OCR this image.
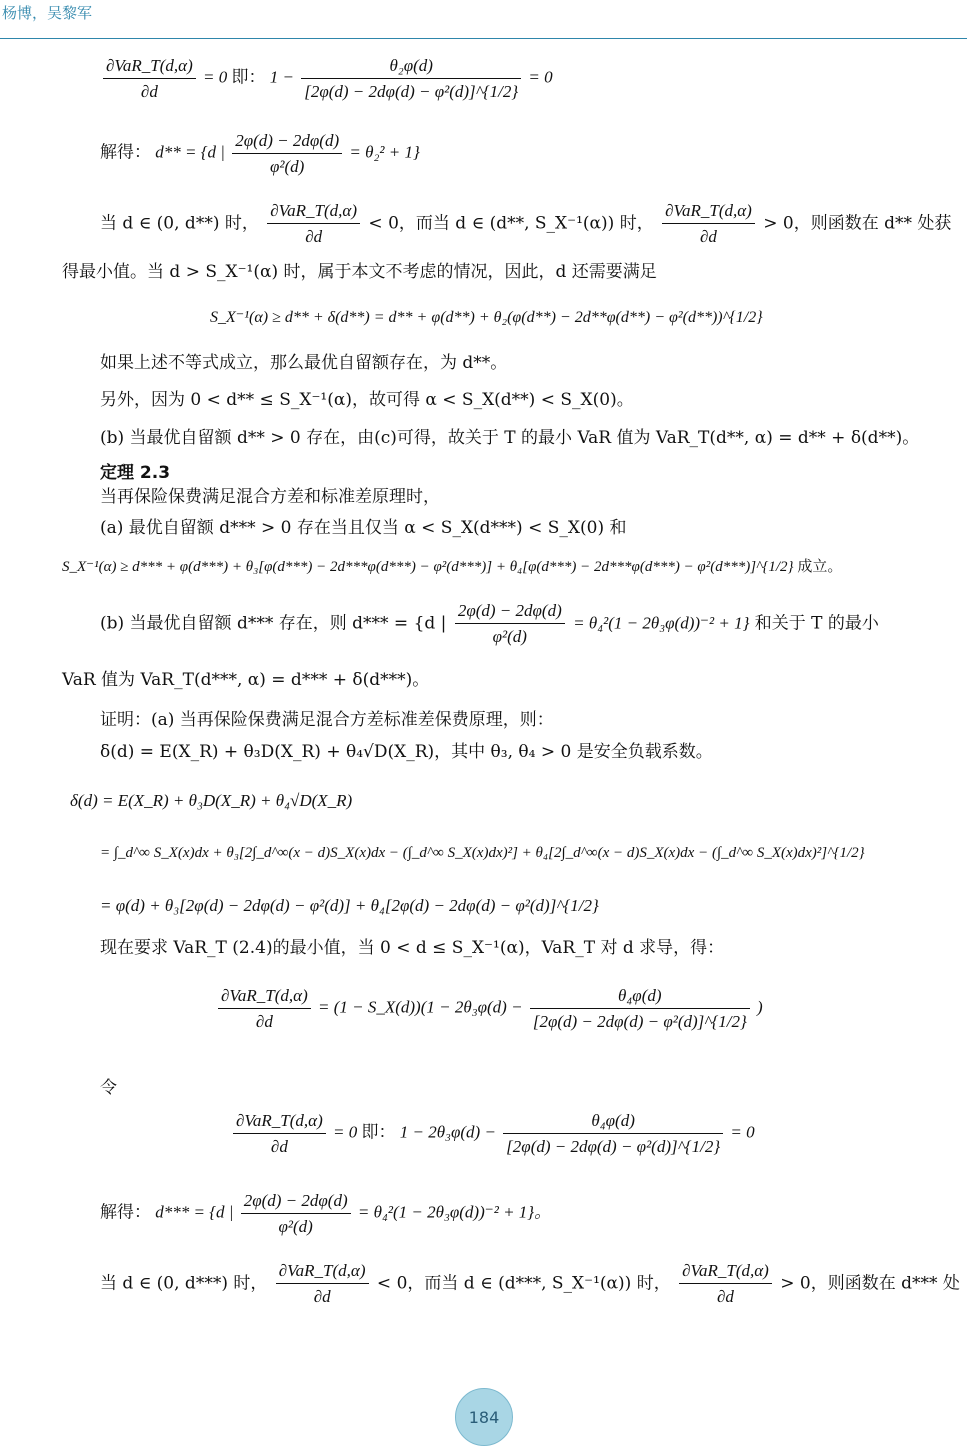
杨博，吴黎军
$\frac{\text{∂VaR\_T(d,α)}}{\partial d} = 0$ 即： $1 - \frac{\text{θ₂φ(d)}}{\text{[2φ(d) − 2dφ(d) − φ²(d)]\textasciicircum{}\{1/2\}}} = 0$
解得： d** = {d | $\frac{2\varphi(d) - 2d\varphi(d)}{\text{φ²(d)}} = \theta_2^2 + 1$}
当 d ∈ (0, d**) 时， $\frac{\text{∂VaR\_T(d,α)}}{\partial d} < 0$，而当 d ∈ (d**, S_X⁻¹(α)) 时， $\frac{\text{∂VaR\_T(d,α)}}{\partial d} > 0$，则函数在 d** 处获
得最小值。当 d > S_X⁻¹(α) 时，属于本文不考虑的情况，因此，d 还需要满足
S_X⁻¹(α) ≥ d** + δ(d**) = d** + φ(d**) + θ₂(φ(d**) − 2d**φ(d**) − φ²(d**))^{1/2}
如果上述不等式成立，那么最优自留额存在，为 d**。
另外，因为 0 < d** ≤ S_X⁻¹(α)，故可得 α < S_X(d**) < S_X(0)。
(b) 当最优自留额 d** > 0 存在，由(c)可得，故关于 T 的最小 VaR 值为 VaR_T(d**, α) = d** + δ(d**)。
定理 2.3
当再保险保费满足混合方差和标准差原理时，
(a) 最优自留额 d*** > 0 存在当且仅当 α < S_X(d***) < S_X(0) 和
S_X⁻¹(α) ≥ d*** + φ(d***) + θ₃[φ(d***) − 2d***φ(d***) − φ²(d***)] + θ₄[φ(d***) − 2d***φ(d***) − φ²(d***)]^{1/2} 成立。
(b) 当最优自留额 d*** 存在，则 d*** = {d | $\frac{2\varphi(d) - 2d\varphi(d)}{\text{φ²(d)}} = \theta_4^2(1 - 2\theta_3\varphi(d))^{-2} + 1$} 和关于 T 的最小
VaR 值为 VaR_T(d***, α) = d*** + δ(d***)。
证明：(a) 当再保险保费满足混合方差标准差保费原理，则：
δ(d) = E(X_R) + θ₃D(X_R) + θ₄√D(X_R)，其中 θ₃, θ₄ > 0 是安全负载系数。
δ(d) = E(X_R) + θ₃D(X_R) + θ₄√D(X_R)
= ∫_d^∞ S_X(x)dx + θ₃[2∫_d^∞(x − d)S_X(x)dx − (∫_d^∞ S_X(x)dx)²] + θ₄[2∫_d^∞(x − d)S_X(x)dx − (∫_d^∞ S_X(x)dx)²]^{1/2}
= φ(d) + θ₃[2φ(d) − 2dφ(d) − φ²(d)] + θ₄[2φ(d) − 2dφ(d) − φ²(d)]^{1/2}
现在要求 VaR_T (2.4)的最小值，当 0 < d ≤ S_X⁻¹(α)，VaR_T 对 d 求导，得：
$\frac{\text{∂VaR\_T(d,α)}}{\partial d} = (1$ − S_X(d))(1 − $2\theta_3\varphi(d) - \frac{\text{θ₄φ(d)}}{\text{[2φ(d) − 2dφ(d) − φ²(d)]\textasciicircum{}\{1/2\}}}$ )
令
$\frac{\text{∂VaR\_T(d,α)}}{\partial d} = 0$ 即： $1 - 2\theta_3\varphi(d) - \frac{\text{θ₄φ(d)}}{\text{[2φ(d) − 2dφ(d) − φ²(d)]\textasciicircum{}\{1/2\}}} = 0$
解得： d*** = {d | $\frac{2\varphi(d) - 2d\varphi(d)}{\text{φ²(d)}} = \theta_4^2(1 - 2\theta_3\varphi(d))^{-2} + 1$}。
当 d ∈ (0, d***) 时， $\frac{\text{∂VaR\_T(d,α)}}{\partial d} < 0$，而当 d ∈ (d***, S_X⁻¹(α)) 时， $\frac{\text{∂VaR\_T(d,α)}}{\partial d} > 0$，则函数在 d*** 处
184
